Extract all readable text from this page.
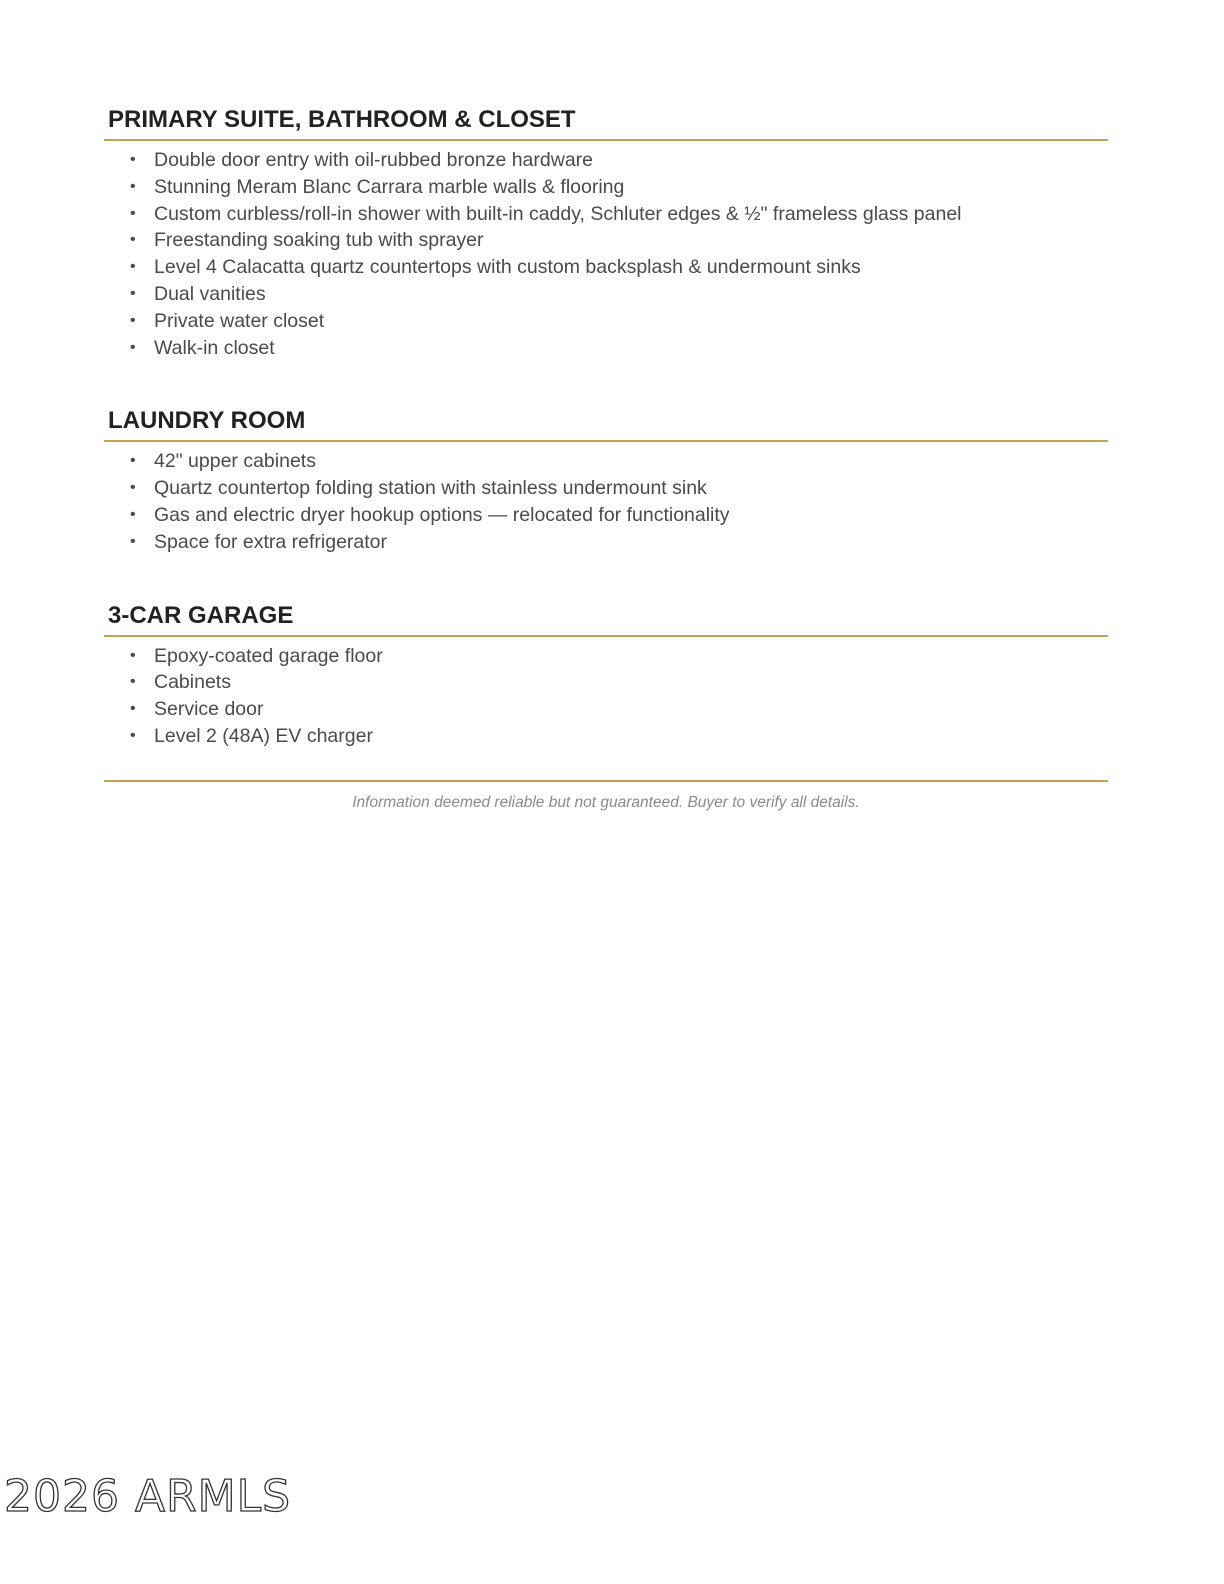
PRIMARY SUITE, BATHROOM & CLOSET
• Double door entry with oil-rubbed bronze hardware
• Stunning Meram Blanc Carrara marble walls & flooring
• Custom curbless/roll-in shower with built-in caddy, Schluter edges & ½" frameless glass panel
• Freestanding soaking tub with sprayer
• Level 4 Calacatta quartz countertops with custom backsplash & undermount sinks
• Dual vanities
• Private water closet
• Walk-in closet
LAUNDRY ROOM
• 42" upper cabinets
• Quartz countertop folding station with stainless undermount sink
• Gas and electric dryer hookup options — relocated for functionality
• Space for extra refrigerator
3-CAR GARAGE
• Epoxy-coated garage floor
• Cabinets
• Service door
• Level 2 (48A) EV charger
Information deemed reliable but not guaranteed. Buyer to verify all details.
2026 ARMLS
